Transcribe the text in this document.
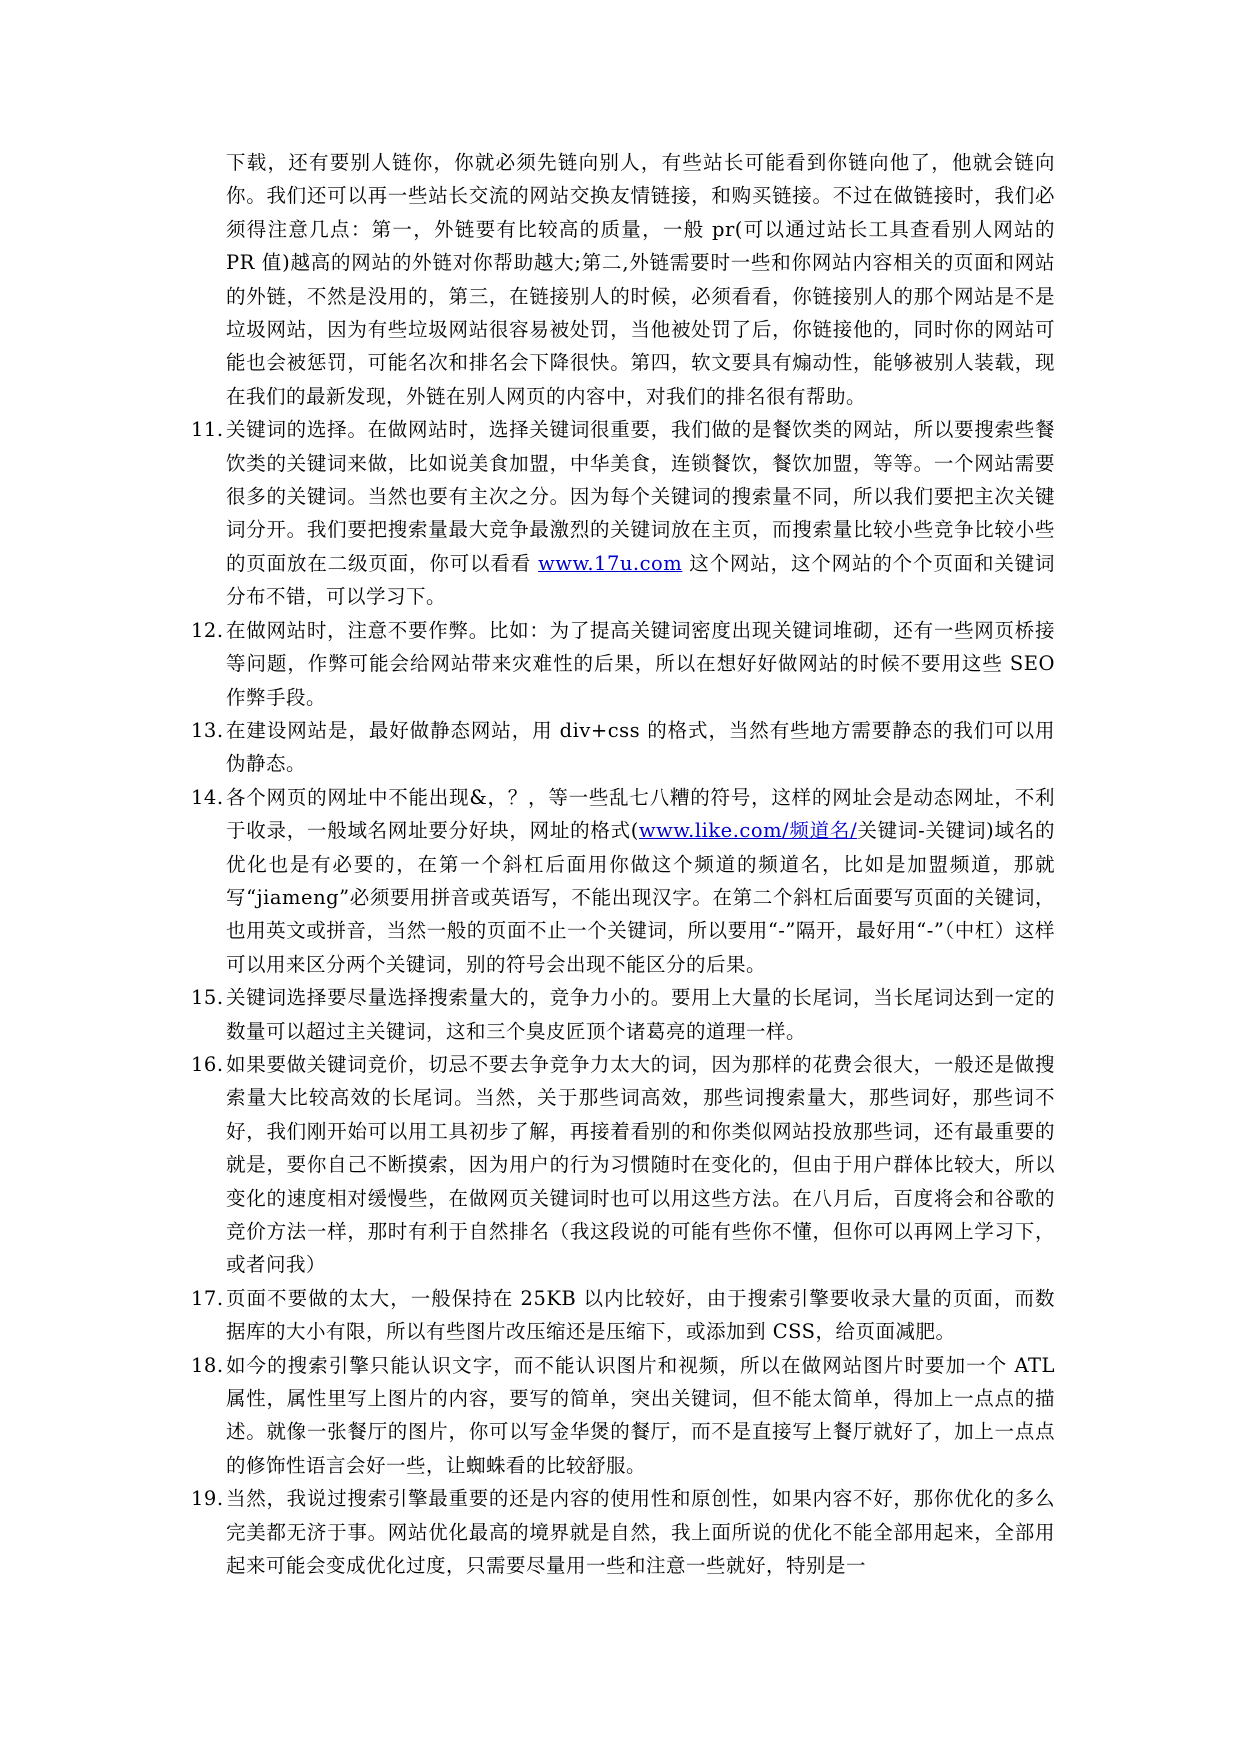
下载，还有要别人链你，你就必须先链向别人，有些站长可能看到你链向他了，他就会链向你。我们还可以再一些站长交流的网站交换友情链接，和购买链接。不过在做链接时，我们必须得注意几点：第一，外链要有比较高的质量，一般 pr(可以通过站长工具查看别人网站的 PR 值)越高的网站的外链对你帮助越大;第二,外链需要时一些和你网站内容相关的页面和网站的外链，不然是没用的，第三，在链接别人的时候，必须看看，你链接别人的那个网站是不是垃圾网站，因为有些垃圾网站很容易被处罚，当他被处罚了后，你链接他的，同时你的网站可能也会被惩罚，可能名次和排名会下降很快。第四，软文要具有煽动性，能够被别人装载，现在我们的最新发现，外链在别人网页的内容中，对我们的排名很有帮助。
11. 关键词的选择。在做网站时，选择关键词很重要，我们做的是餐饮类的网站，所以要搜索些餐饮类的关键词来做，比如说美食加盟，中华美食，连锁餐饮，餐饮加盟，等等。一个网站需要很多的关键词。当然也要有主次之分。因为每个关键词的搜索量不同，所以我们要把主次关键词分开。我们要把搜索量最大竞争最激烈的关键词放在主页，而搜索量比较小些竞争比较小些的页面放在二级页面，你可以看看 www.17u.com 这个网站，这个网站的个个页面和关键词分布不错，可以学习下。
12. 在做网站时，注意不要作弊。比如：为了提高关键词密度出现关键词堆砌，还有一些网页桥接等问题，作弊可能会给网站带来灾难性的后果，所以在想好好做网站的时候不要用这些 SEO 作弊手段。
13. 在建设网站是，最好做静态网站，用 div+css 的格式，当然有些地方需要静态的我们可以用伪静态。
14. 各个网页的网址中不能出现&，？，等一些乱七八糟的符号，这样的网址会是动态网址，不利于收录，一般域名网址要分好块，网址的格式(www.like.com/频道名/关键词-关键词)域名的优化也是有必要的，在第一个斜杠后面用你做这个频道的频道名，比如是加盟频道，那就写“jiameng”必须要用拼音或英语写，不能出现汉字。在第二个斜杠后面要写页面的关键词，也用英文或拼音，当然一般的页面不止一个关键词，所以要用“-”隔开，最好用“-”（中杠）这样可以用来区分两个关键词，别的符号会出现不能区分的后果。
15. 关键词选择要尽量选择搜索量大的，竞争力小的。要用上大量的长尾词，当长尾词达到一定的数量可以超过主关键词，这和三个臭皮匠顶个诸葛亮的道理一样。
16. 如果要做关键词竞价，切忌不要去争竞争力太大的词，因为那样的花费会很大，一般还是做搜索量大比较高效的长尾词。当然，关于那些词高效，那些词搜索量大，那些词好，那些词不好，我们刚开始可以用工具初步了解，再接着看别的和你类似网站投放那些词，还有最重要的就是，要你自己不断摸索，因为用户的行为习惯随时在变化的，但由于用户群体比较大，所以变化的速度相对缓慢些，在做网页关键词时也可以用这些方法。在八月后，百度将会和谷歌的竞价方法一样，那时有利于自然排名（我这段说的可能有些你不懂，但你可以再网上学习下，或者问我）
17. 页面不要做的太大，一般保持在 25KB 以内比较好，由于搜索引擎要收录大量的页面，而数据库的大小有限，所以有些图片改压缩还是压缩下，或添加到 CSS，给页面减肥。
18. 如今的搜索引擎只能认识文字，而不能认识图片和视频，所以在做网站图片时要加一个 ATL 属性，属性里写上图片的内容，要写的简单，突出关键词，但不能太简单，得加上一点点的描述。就像一张餐厅的图片，你可以写金华煲的餐厅，而不是直接写上餐厅就好了，加上一点点的修饰性语言会好一些，让蜘蛛看的比较舒服。
19. 当然，我说过搜索引擎最重要的还是内容的使用性和原创性，如果内容不好，那你优化的多么完美都无济于事。网站优化最高的境界就是自然，我上面所说的优化不能全部用起来，全部用起来可能会变成优化过度，只需要尽量用一些和注意一些就好，特别是一
